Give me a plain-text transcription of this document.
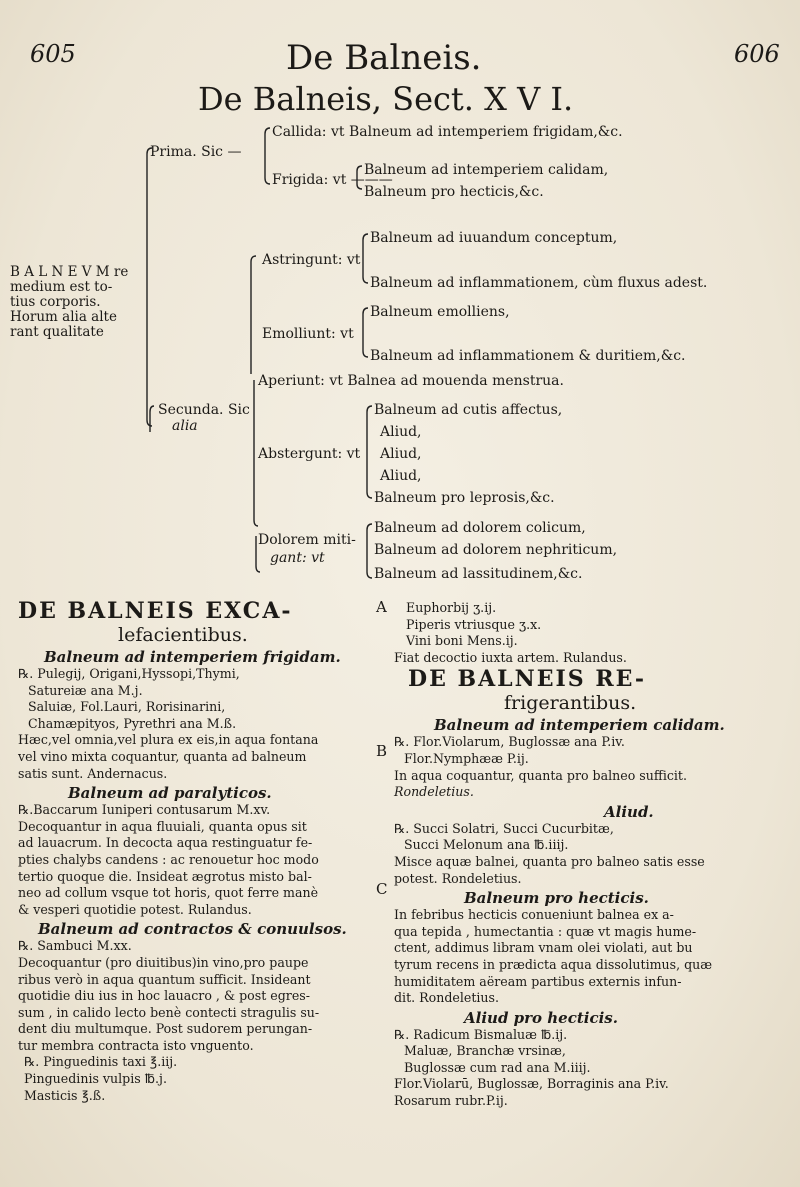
605	De Balneis.	606
De Balneis, Sect. X V I.
Callida: vt Balneum ad intemperiem frigidam,&c.
Prima. Sic —
Balneum ad intemperiem calidam,
Frigida: vt ———
Balneum pro hecticis,&c.
B A L N E V M re
medium est to-
tius corporis.
Horum alia alte
rant qualitate
Balneum ad iuuandum conceptum,
Astringunt: vt
Balneum ad inflammationem, cùm fluxus adest.
Balneum emolliens,
Emolliunt: vt
Balneum ad inflammationem & duritiem,&c.
Aperiunt: vt Balnea ad mouenda menstrua.
Secunda. Sic
alia
Balneum ad cutis affectus,
Aliud,
Abstergunt: vt Aliud,
Aliud,
Balneum pro leprosis,&c.
Balneum ad dolorem colicum,
Dolorem miti-
gant: vt	Balneum ad dolorem nephriticum,
Balneum ad lassitudinem,&c.
DE BALNEIS EXCA-
lefacientibus.
Balneum ad intemperiem frigidam.
℞. Pulegij, Origani,Hyssopi,Thymi,
Satureiæ ana M.j.
Saluiæ, Fol.Lauri, Rorisinarini,
Chamæpityos, Pyrethri ana M.ß.
Hæc,vel omnia,vel plura ex eis,in aqua fontana
vel vino mixta coquantur, quanta ad balneum
satis sunt. Andernacus.
Balneum ad paralyticos.
℞.Baccarum Iuniperi contusarum M.xv.
Decoquantur in aqua fluuiali, quanta opus sit
ad lauacrum. In decocta aqua restinguatur fe-
pties chalybs candens : ac renouetur hoc modo
tertio quoque die. Insideat ægrotus misto bal-
neo ad collum vsque tot horis, quot ferre manè
& vesperi quotidie potest. Rulandus.
Balneum ad contractos & conuulsos.
℞. Sambuci M.xx.
Decoquantur (pro diuitibus)in vino,pro paupe
ribus verò in aqua quantum sufficit. Insideant
quotidie diu ius in hoc lauacro , & post egres-
sum , in calido lecto benè contecti stragulis su-
dent diu multumque. Post sudorem perungan-
tur membra contracta isto vnguento.
℞. Pinguedinis taxi ℥.iij.
Pinguedinis vulpis ℔.j.
Masticis ℥.ß.
A
B
C
Euphorbij ʒ.ij.
Piperis vtriusque ʒ.x.
Vini boni Mens.ij.
Fiat decoctio iuxta artem. Rulandus.
DE BALNEIS RE-
frigerantibus.
Balneum ad intemperiem calidam.
℞. Flor.Violarum, Buglossæ ana P.iv.
Flor.Nymphææ P.ij.
In aqua coquantur, quanta pro balneo sufficit.
Rondeletius.
Aliud.
℞. Succi Solatri, Succi Cucurbitæ,
Succi Melonum ana ℔.iiij.
Misce aquæ balnei, quanta pro balneo satis esse
potest. Rondeletius.
Balneum pro hecticis.
In febribus hecticis conueniunt balnea ex a-
qua tepida , humectantia : quæ vt magis hume-
ctent, addimus libram vnam olei violati, aut bu
tyrum recens in prædicta aqua dissolutimus, quæ
humiditatem aëream partibus externis infun-
dit. Rondeletius.
Aliud pro hecticis.
℞. Radicum Bismaluæ ℔.ij.
Maluæ, Branchæ vrsinæ,
Buglossæ cum rad ana M.iiij.
Flor.Violarū, Buglossæ, Borraginis ana P.iv.
Rosarum rubr.P.ij.
